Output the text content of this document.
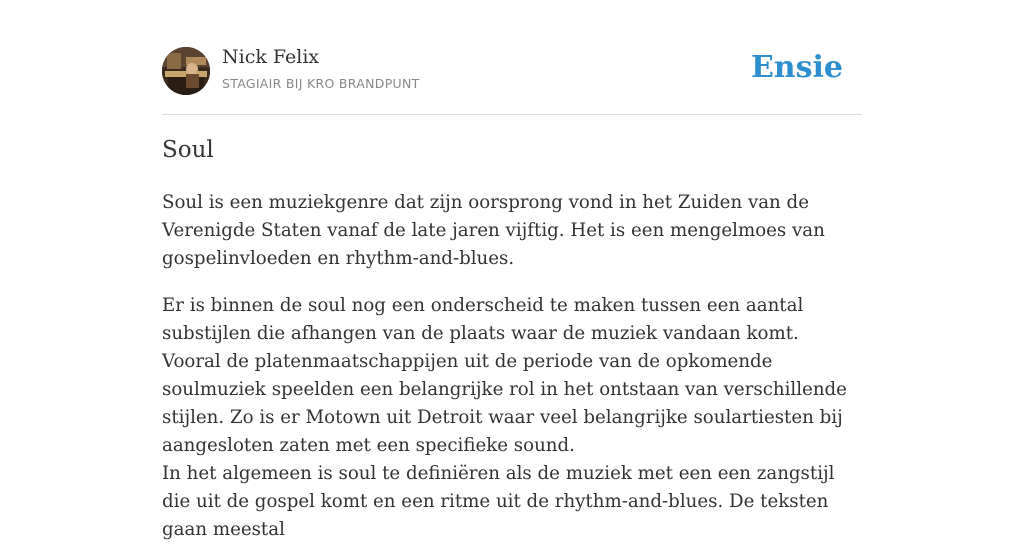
Nick Felix
STAGIAIR BIJ KRO BRANDPUNT	Ensie
Soul

Soul is een muziekgenre dat zijn oorsprong vond in het Zuiden van de Verenigde Staten vanaf de late jaren vijftig. Het is een mengelmoes van gospelinvloeden en rhythm-and-blues.

Er is binnen de soul nog een onderscheid te maken tussen een aantal substijlen die afhangen van de plaats waar de muziek vandaan komt. Vooral de platenmaatschappijen uit de periode van de opkomende soulmuziek speelden een belangrijke rol in het ontstaan van verschillende stijlen. Zo is er Motown uit Detroit waar veel belangrijke soulartiesten bij aangesloten zaten met een specifieke sound.

In het algemeen is soul te definiëren als de muziek met een een zangstijl die uit de gospel komt en een ritme uit de rhythm-and-blues. De teksten gaan meestal
